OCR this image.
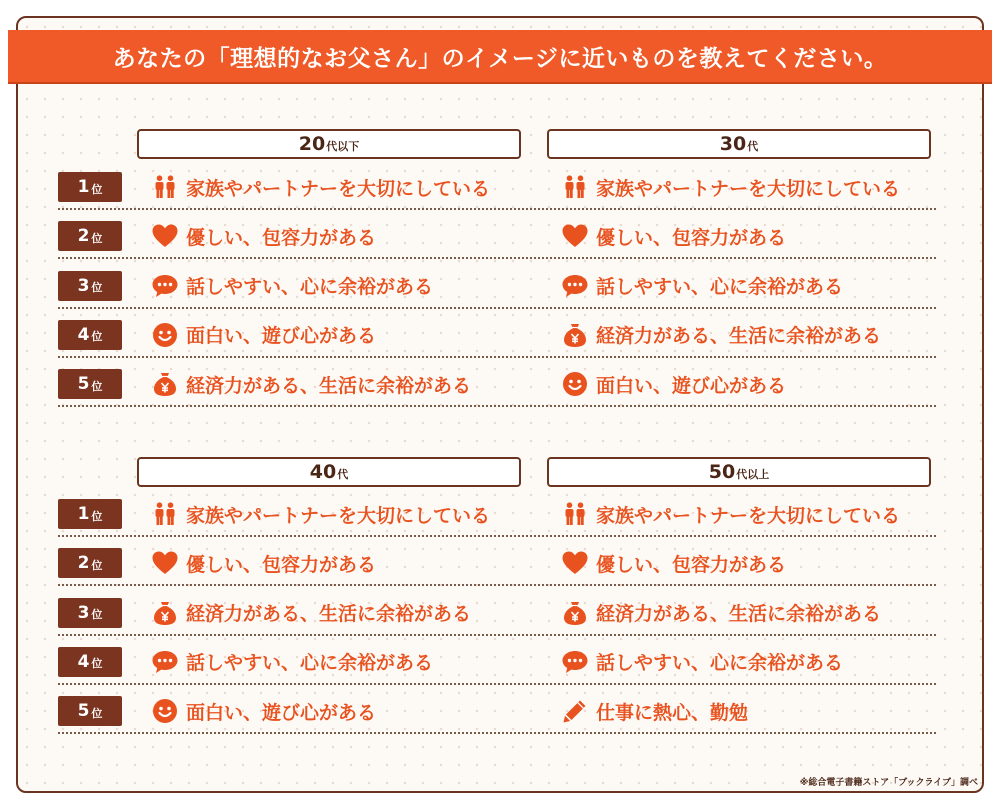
あなたの「理想的なお父さん」のイメージに近いものを教えてください。
20 代以下	30 代
40 代	50 代以上
1 位	家族やパートナーを大切にしている	家族やパートナーを大切にしている
2 位	優しい、包容力がある	優しい、包容力がある
3 位	話しやすい、心に余裕がある	話しやすい、心に余裕がある
4 位	面白い、遊び心がある	経済力がある、生活に余裕がある
5 位	経済力がある、生活に余裕がある	面白い、遊び心がある
1 位	家族やパートナーを大切にしている	家族やパートナーを大切にしている
2 位	優しい、包容力がある	優しい、包容力がある
3 位	経済力がある、生活に余裕がある	経済力がある、生活に余裕がある
4 位	話しやすい、心に余裕がある	話しやすい、心に余裕がある
5 位	面白い、遊び心がある	仕事に熱心、勤勉
※総合電子書籍ストア「ブックライブ」調べ
